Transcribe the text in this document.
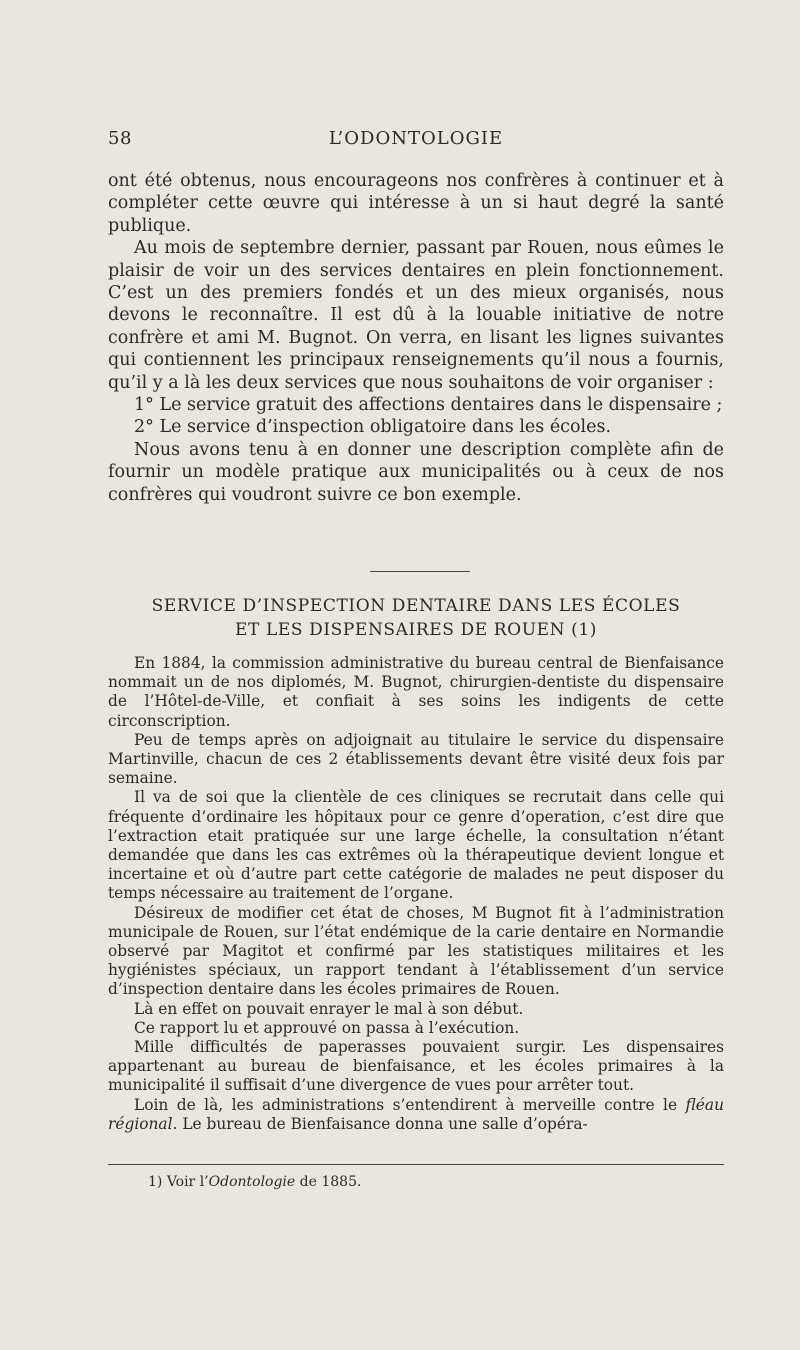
58	L’ODONTOLOGIE

ont été obtenus, nous encourageons nos confrères à continuer et à compléter cette œuvre qui intéresse à un si haut degré la santé publique.

Au mois de septembre dernier, passant par Rouen, nous eûmes le plaisir de voir un des services dentaires en plein fonctionnement. C’est un des premiers fondés et un des mieux organisés, nous devons le reconnaître. Il est dû à la louable initiative de notre confrère et ami M. Bugnot. On verra, en lisant les lignes suivantes qui contiennent les principaux renseignements qu’il nous a fournis, qu’il y a là les deux services que nous souhaitons de voir organiser :

1° Le service gratuit des affections dentaires dans le dispensaire ;

2° Le service d’inspection obligatoire dans les écoles.

Nous avons tenu à en donner une description complète afin de fournir un modèle pratique aux municipalités ou à ceux de nos confrères qui voudront suivre ce bon exemple.

SERVICE D’INSPECTION DENTAIRE DANS LES ÉCOLES
ET LES DISPENSAIRES DE ROUEN (1)

En 1884, la commission administrative du bureau central de Bienfaisance nommait un de nos diplomés, M. Bugnot, chirurgien-dentiste du dispensaire de l’Hôtel-de-Ville, et confiait à ses soins les indigents de cette circonscription.

Peu de temps après on adjoignait au titulaire le service du dispensaire Martinville, chacun de ces 2 établissements devant être visité deux fois par semaine.

Il va de soi que la clientèle de ces cliniques se recrutait dans celle qui fréquente d’ordinaire les hôpitaux pour ce genre d’operation, c’est dire que l’extraction etait pratiquée sur une large échelle, la consultation n’étant demandée que dans les cas extrêmes où la thérapeutique devient longue et incertaine et où d’autre part cette catégorie de malades ne peut disposer du temps nécessaire au traitement de l’organe.

Désireux de modifier cet état de choses, M Bugnot fit à l’administration municipale de Rouen, sur l’état endémique de la carie dentaire en Normandie observé par Magitot et confirmé par les statistiques militaires et les hygiénistes spéciaux, un rapport tendant à l’établissement d’un service d’inspection dentaire dans les écoles primaires de Rouen.

Là en effet on pouvait enrayer le mal à son début.

Ce rapport lu et approuvé on passa à l’exécution.

Mille difficultés de paperasses pouvaient surgir. Les dispensaires appartenant au bureau de bienfaisance, et les écoles primaires à la municipalité il suffisait d’une divergence de vues pour arrêter tout.

Loin de là, les administrations s’entendirent à merveille contre le fléau régional. Le bureau de Bienfaisance donna une salle d’opéra-

1) Voir l’Odontologie de 1885.
